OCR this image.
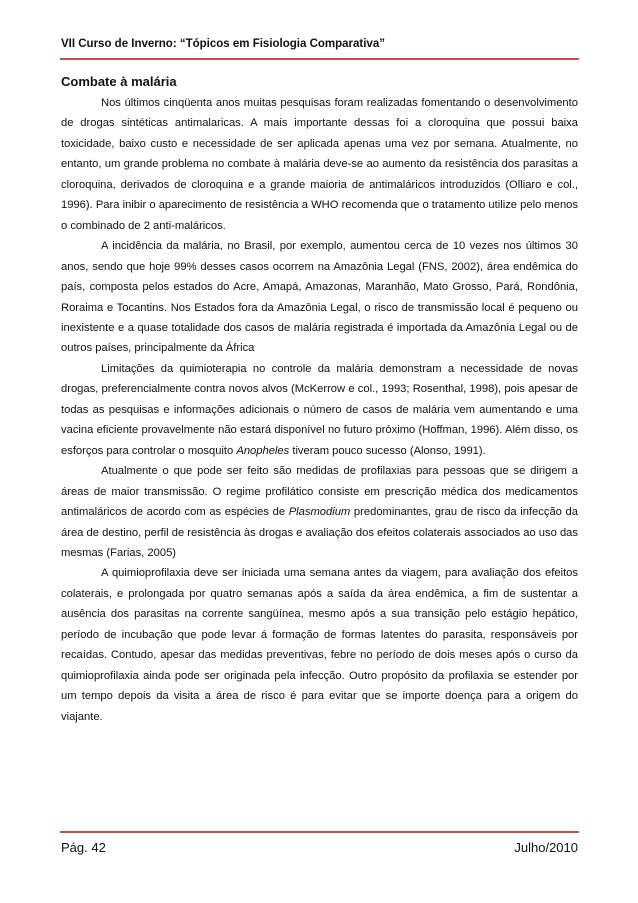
VII Curso de Inverno: “Tópicos em Fisiologia Comparativa”
Combate à malária

Nos últimos cinqüenta anos muitas pesquisas foram realizadas fomentando o desenvolvimento de drogas sintéticas antimalaricas. A mais importante dessas foi a cloroquina que possui baixa toxicidade, baixo custo e necessidade de ser aplicada apenas uma vez por semana. Atualmente, no entanto, um grande problema no combate à malária deve-se ao aumento da resistência dos parasitas a cloroquina, derivados de cloroquina e a grande maioria de antimaláricos introduzidos (Olliaro e col., 1996). Para inibir o aparecimento de resistência a WHO recomenda que o tratamento utilize pelo menos o combinado de 2 anti-maláricos.

A incidência da malária, no Brasil, por exemplo, aumentou cerca de 10 vezes nos últimos 30 anos, sendo que hoje 99% desses casos ocorrem na Amazônia Legal (FNS, 2002), área endêmica do país, composta pelos estados do Acre, Amapá, Amazonas, Maranhão, Mato Grosso, Pará, Rondônia, Roraima e Tocantins. Nos Estados fora da Amazônia Legal, o risco de transmissão local é pequeno ou inexistente e a quase totalidade dos casos de malária registrada é importada da Amazônia Legal ou de outros países, principalmente da África

Limitações da quimioterapia no controle da malária demonstram a necessidade de novas drogas, preferencialmente contra novos alvos (McKerrow e col., 1993; Rosenthal, 1998), pois apesar de todas as pesquisas e informações adicionais o número de casos de malária vem aumentando e uma vacina eficiente provavelmente não estará disponível no futuro próximo (Hoffman, 1996). Além disso, os esforços para controlar o mosquito Anopheles tiveram pouco sucesso (Alonso, 1991).

Atualmente o que pode ser feito são medidas de profilaxias para pessoas que se dirigem a áreas de maior transmissão. O regime profilático consiste em prescrição médica dos medicamentos antimaláricos de acordo com as espécies de Plasmodium predominantes, grau de risco da infecção da área de destino, perfil de resistência às drogas e avaliação dos efeitos colaterais associados ao uso das mesmas (Farias, 2005)

A quimioprofilaxia deve ser iniciada uma semana antes da viagem, para avaliação dos efeitos colaterais, e prolongada por quatro semanas após a saída da área endêmica, a fim de sustentar a ausência dos parasitas na corrente sangüínea, mesmo após a sua transição pelo estágio hepático, período de incubação que pode levar á formação de formas latentes do parasita, responsáveis por recaídas. Contudo, apesar das medidas preventivas, febre no período de dois meses após o curso da quimioprofilaxia ainda pode ser originada pela infecção. Outro propósito da profilaxia se estender por um tempo depois da visita a área de risco é para evitar que se importe doença para a origem do viajante.

Pág. 42	Julho/2010
